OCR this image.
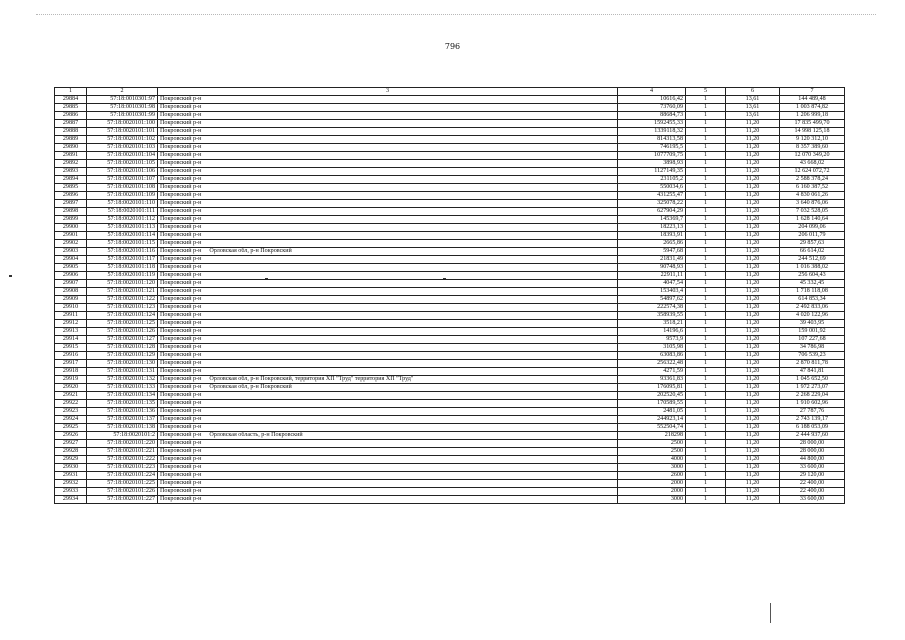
796
1	2	3	4	5	6	7
29884	57:18:0010301:97	Покровский р-н	10616,42	1	13,61	144 489,48
29885	57:18:0010301:98	Покровский р-н	73760,09	1	13,61	1 003 874,82
29886	57:18:0010301:99	Покровский р-н	88684,73	1	13,61	1 206 999,18
29887	57:18:0020101:100	Покровский р-н	1592455,33	1	11,20	17 835 499,70
29888	57:18:0020101:101	Покровский р-н	1339118,32	1	11,20	14 998 125,18
29889	57:18:0020101:102	Покровский р-н	814313,58	1	11,20	9 120 312,10
29890	57:18:0020101:103	Покровский р-н	746195,5	1	11,20	8 357 389,60
29891	57:18:0020101:104	Покровский р-н	1077709,75	1	11,20	12 070 349,20
29892	57:18:0020101:105	Покровский р-н	3898,93	1	11,20	43 668,02
29893	57:18:0020101:106	Покровский р-н	1127149,35	1	11,20	12 624 072,72
29894	57:18:0020101:107	Покровский р-н	231105,2	1	11,20	2 588 378,24
29895	57:18:0020101:108	Покровский р-н	550034,6	1	11,20	6 160 387,52
29896	57:18:0020101:109	Покровский р-н	431255,47	1	11,20	4 830 061,26
29897	57:18:0020101:110	Покровский р-н	325078,22	1	11,20	3 640 876,06
29898	57:18:0020101:111	Покровский р-н	627904,29	1	11,20	7 032 528,05
29899	57:18:0020101:112	Покровский р-н	145369,7	1	11,20	1 628 140,64
29900	57:18:0020101:113	Покровский р-н	18223,13	1	11,20	204 099,06
29901	57:18:0020101:114	Покровский р-н	18393,91	1	11,20	206 011,79
29902	57:18:0020101:115	Покровский р-н	2665,86	1	11,20	29 857,63
29903	57:18:0020101:116	Покровский р-н Орловская обл, р-н Покровский	5947,68	1	11,20	66 614,02
29904	57:18:0020101:117	Покровский р-н	21831,49	1	11,20	244 512,69
29905	57:18:0020101:118	Покровский р-н	90748,93	1	11,20	1 016 388,02
29906	57:18:0020101:119	Покровский р-н	22911,11	1	11,20	256 604,43
29907	57:18:0020101:120	Покровский р-н	4047,54	1	11,20	45 332,45
29908	57:18:0020101:121	Покровский р-н	153403,4	1	11,20	1 718 118,08
29909	57:18:0020101:122	Покровский р-н	54897,62	1	11,20	614 853,34
29910	57:18:0020101:123	Покровский р-н	222574,38	1	11,20	2 492 833,06
29911	57:18:0020101:124	Покровский р-н	358939,55	1	11,20	4 020 122,96
29912	57:18:0020101:125	Покровский р-н	3518,21	1	11,20	39 403,95
29913	57:18:0020101:126	Покровский р-н	14196,6	1	11,20	159 001,92
29914	57:18:0020101:127	Покровский р-н	9573,9	1	11,20	107 227,68
29915	57:18:0020101:128	Покровский р-н	3105,98	1	11,20	34 786,98
29916	57:18:0020101:129	Покровский р-н	63083,86	1	11,20	706 539,23
29917	57:18:0020101:130	Покровский р-н	256322,48	1	11,20	2 870 811,78
29918	57:18:0020101:131	Покровский р-н	4271,59	1	11,20	47 841,81
29919	57:18:0020101:132	Покровский р-н Орловская обл, р-н Покровский, территория ХП "Труд" территория ХП "Труд"	93361,83	1	11,20	1 045 652,50
29920	57:18:0020101:133	Покровский р-н Орловская обл, р-н Покровский	176095,81	1	11,20	1 972 273,07
29921	57:18:0020101:134	Покровский р-н	202520,45	1	11,20	2 268 229,04
29922	57:18:0020101:135	Покровский р-н	170589,55	1	11,20	1 910 602,96
29923	57:18:0020101:136	Покровский р-н	2481,05	1	11,20	27 787,76
29924	57:18:0020101:137	Покровский р-н	244923,14	1	11,20	2 743 139,17
29925	57:18:0020101:138	Покровский р-н	552504,74	1	11,20	6 188 053,09
29926	57:18:0020101:2	Покровский р-н Орловская область, р-н Покровский	218298	1	11,20	2 444 937,60
29927	57:18:0020101:220	Покровский р-н	2500	1	11,20	28 000,00
29928	57:18:0020101:221	Покровский р-н	2500	1	11,20	28 000,00
29929	57:18:0020101:222	Покровский р-н	4000	1	11,20	44 800,00
29930	57:18:0020101:223	Покровский р-н	3000	1	11,20	33 600,00
29931	57:18:0020101:224	Покровский р-н	2600	1	11,20	29 120,00
29932	57:18:0020101:225	Покровский р-н	2000	1	11,20	22 400,00
29933	57:18:0020101:226	Покровский р-н	2000	1	11,20	22 400,00
29934	57:18:0020101:227	Покровский р-н	3000	1	11,20	33 600,00
